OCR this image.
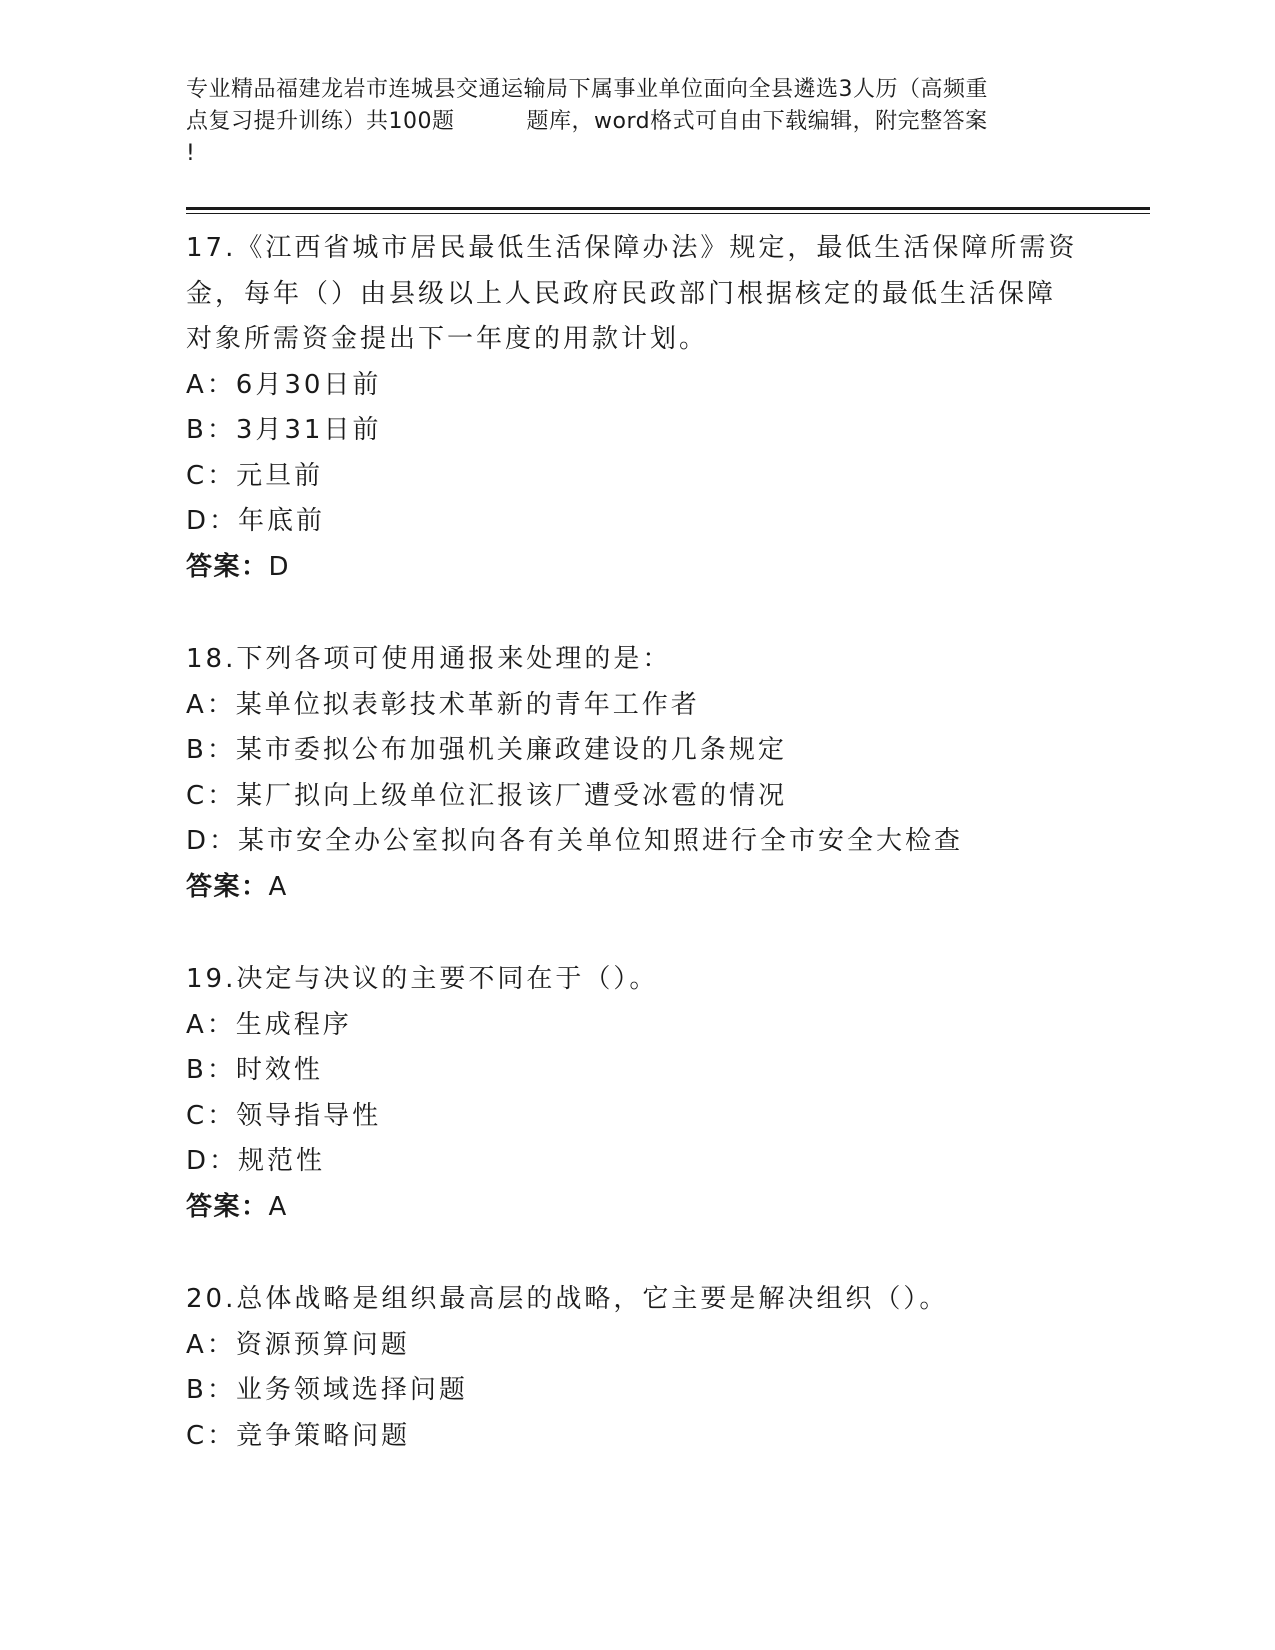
专业精品福建龙岩市连城县交通运输局下属事业单位面向全县遴选3人历（高频重
点复习提升训练）共100题	题库，word格式可自由下载编辑，附完整答案
!
17.《江西省城市居民最低生活保障办法》规定，最低生活保障所需资
金，每年（）由县级以上人民政府民政部门根据核定的最低生活保障
对象所需资金提出下一年度的用款计划。
A：6月30日前
B：3月31日前
C：元旦前
D：年底前
答案：D
18.下列各项可使用通报来处理的是：
A：某单位拟表彰技术革新的青年工作者
B：某市委拟公布加强机关廉政建设的几条规定
C：某厂拟向上级单位汇报该厂遭受冰雹的情况
D：某市安全办公室拟向各有关单位知照进行全市安全大检查
答案：A
19.决定与决议的主要不同在于（）。
A：生成程序
B：时效性
C：领导指导性
D：规范性
答案：A
20.总体战略是组织最高层的战略，它主要是解决组织（）。
A：资源预算问题
B：业务领域选择问题
C：竞争策略问题
